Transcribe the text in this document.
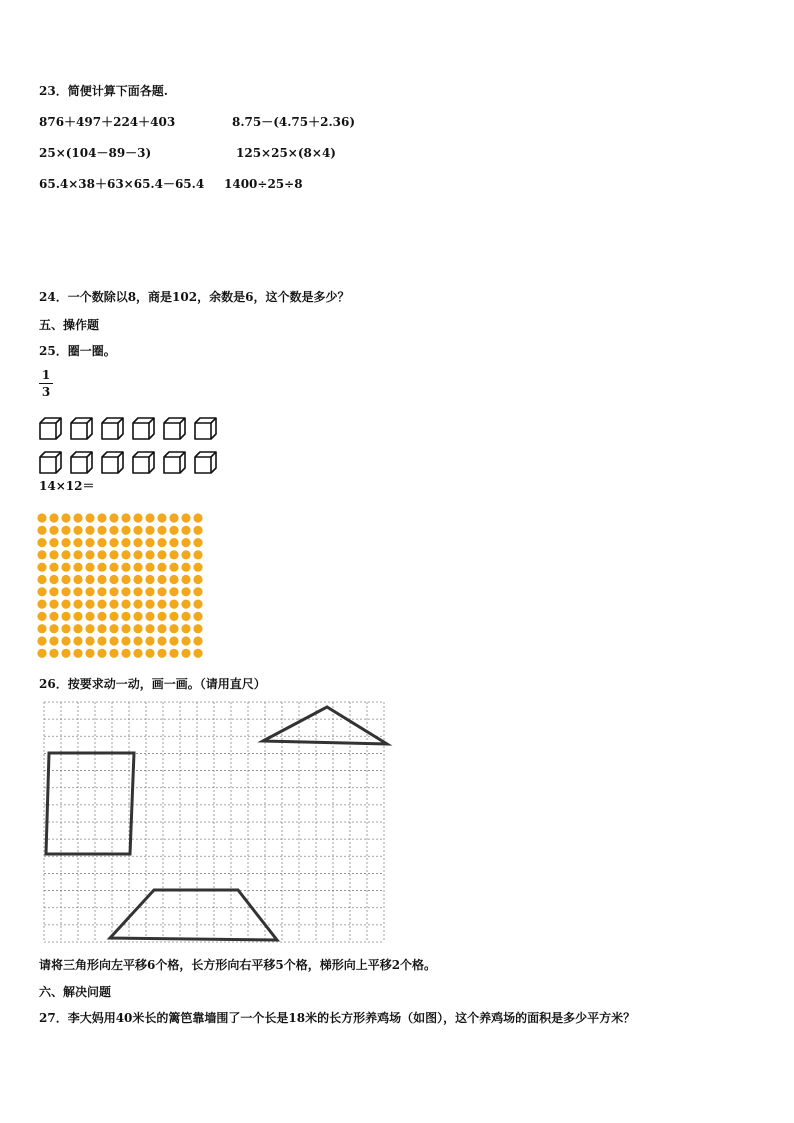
23．简便计算下面各题.
876＋497＋224＋403	8.75－(4.75＋2.36)
25×(104－89－3)	125×25×(8×4)
65.4×38＋63×65.4－65.4 1400÷25÷8
24．一个数除以8，商是102，余数是6，这个数是多少？
五、操作题
25．圈一圈。
1
3
14×12＝
26．按要求动一动，画一画。（请用直尺）
请将三角形向左平移6个格，长方形向右平移5个格，梯形向上平移2个格。
六、解决问题
27．李大妈用40米长的篱笆靠墙围了一个长是18米的长方形养鸡场（如图），这个养鸡场的面积是多少平方米？
